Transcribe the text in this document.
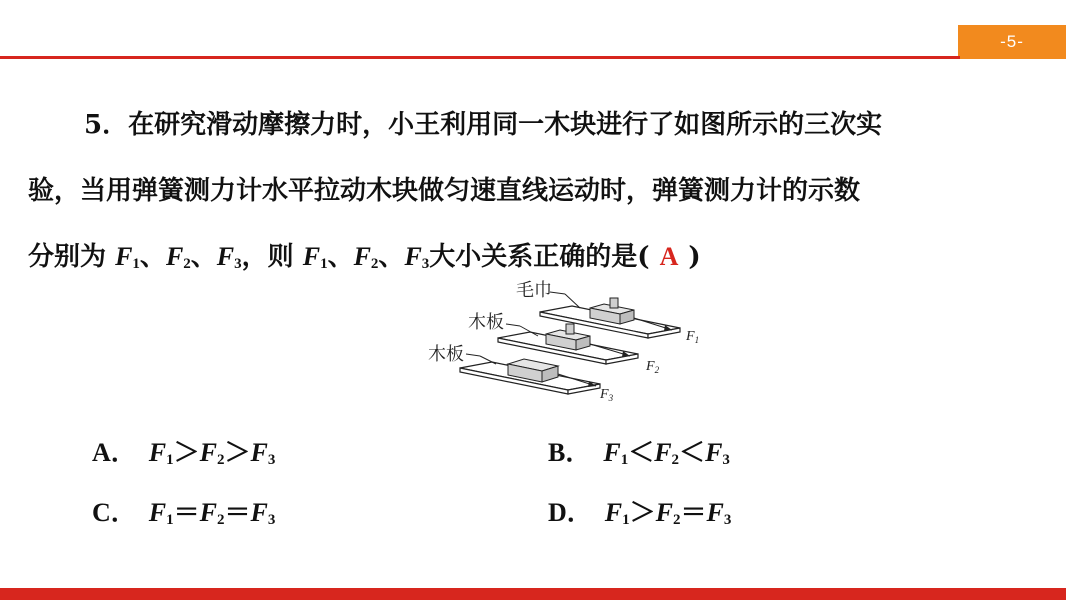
-5-
5．在研究滑动摩擦力时，小王利用同一木块进行了如图所示的三次实
验，当用弹簧测力计水平拉动木块做匀速直线运动时，弹簧测力计的示数
分别为 $F_1$、$F_2$、$F_3$，则 $F_1$、$F_2$、$F_3$大小关系正确的是( A )
$F_1$
$F_2$
$F_3$
毛巾
木板
木板
A． $F_1>F_2>F_3$	B． $F_1<F_2<F_3$
C． $F_1=F_2=F_3$	D． $F_1>F_2=F_3$
